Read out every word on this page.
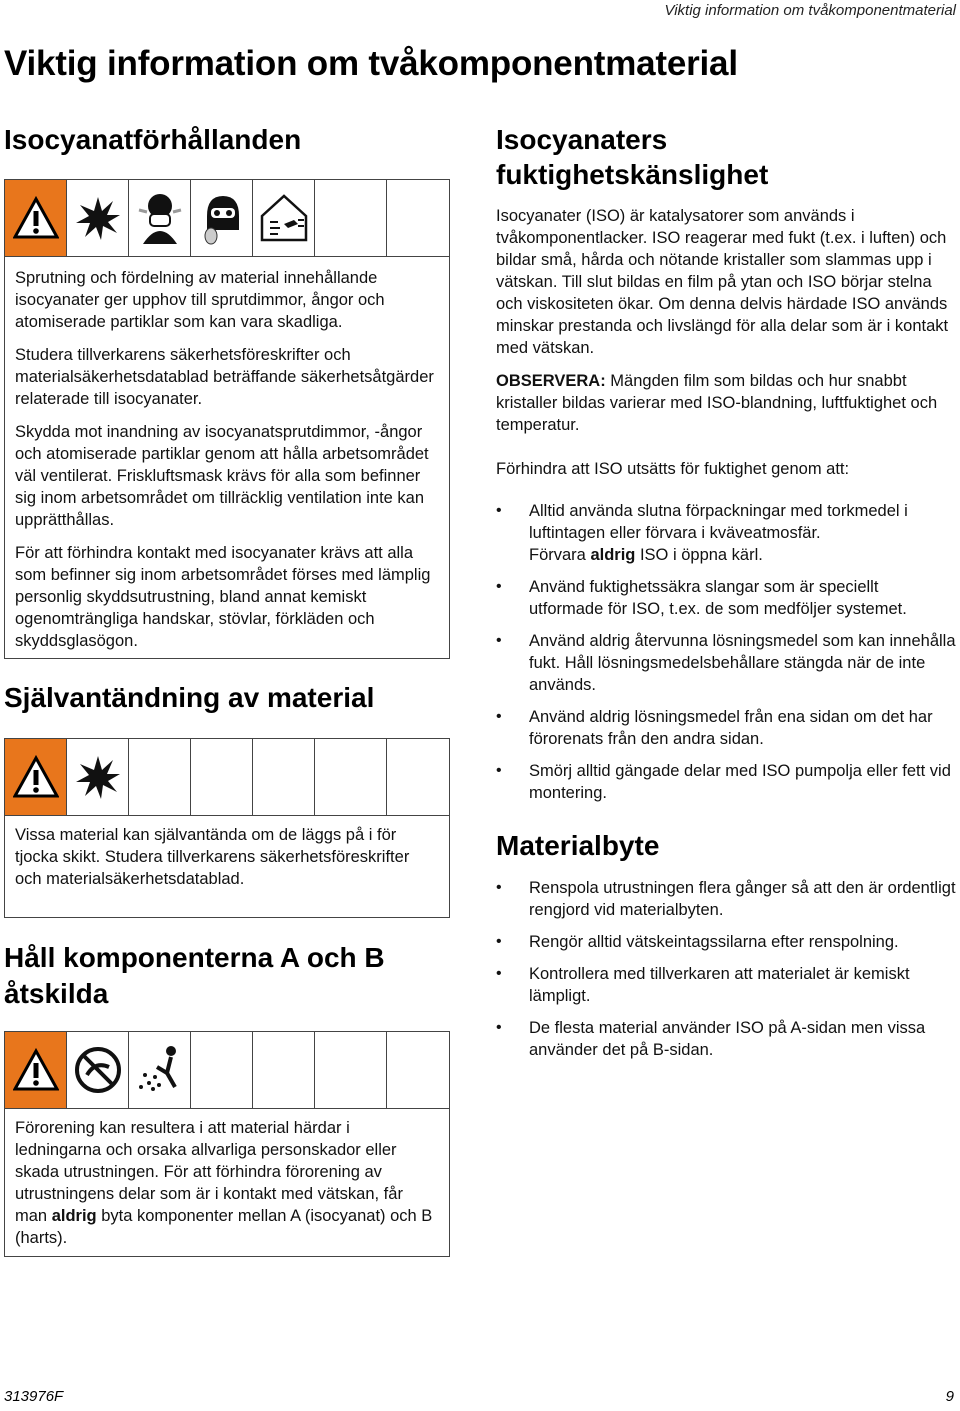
Viktig information om tvåkomponentmaterial
Viktig information om tvåkomponentmaterial
Isocyanatförhållanden

Sprutning och fördelning av material innehållande isocyanater ger upphov till sprutdimmor, ångor och atomiserade partiklar som kan vara skadliga.

Studera tillverkarens säkerhetsföreskrifter och materialsäkerhetsdatablad beträffande säkerhetsåtgärder relaterade till isocyanater.

Skydda mot inandning av isocyanatsprutdimmor, -ångor och atomiserade partiklar genom att hålla arbetsområdet väl ventilerat. Friskluftsmask krävs för alla som befinner sig inom arbetsområdet om tillräcklig ventilation inte kan upprätthållas.

För att förhindra kontakt med isocyanater krävs att alla som befinner sig inom arbetsområdet förses med lämplig personlig skyddsutrustning, bland annat kemiskt ogenomträngliga handskar, stövlar, förkläden och skyddsglasögon.

Självantändning av material

Vissa material kan självantända om de läggs på i för tjocka skikt. Studera tillverkarens säkerhetsföreskrifter och materialsäkerhetsdatablad.

Håll komponenterna A och B åtskilda

Förorening kan resultera i att material härdar i ledningarna och orsaka allvarliga personskador eller skada utrustningen. För att förhindra förorening av utrustningens delar som är i kontakt med vätskan, får man aldrig byta komponenter mellan A (isocyanat) och B (harts).

Isocyanaters fuktighetskänslighet

Isocyanater (ISO) är katalysatorer som används i tvåkomponentlacker. ISO reagerar med fukt (t.ex. i luften) och bildar små, hårda och nötande kristaller som slammas upp i vätskan. Till slut bildas en film på ytan och ISO börjar stelna och viskositeten ökar. Om denna delvis härdade ISO används minskar prestanda och livslängd för alla delar som är i kontakt med vätskan.

OBSERVERA: Mängden film som bildas och hur snabbt kristaller bildas varierar med ISO-blandning, luftfuktighet och temperatur.

Förhindra att ISO utsätts för fuktighet genom att:

• Alltid använda slutna förpackningar med torkmedel i luftintagen eller förvara i kväveatmosfär.
Förvara aldrig ISO i öppna kärl.
• Använd fuktighetssäkra slangar som är speciellt utformade för ISO, t.ex. de som medföljer systemet.
• Använd aldrig återvunna lösningsmedel som kan innehålla fukt. Håll lösningsmedelsbehållare stängda när de inte används.
• Använd aldrig lösningsmedel från ena sidan om det har förorenats från den andra sidan.
• Smörj alltid gängade delar med ISO pumpolja eller fett vid montering.
Materialbyte
• Renspola utrustningen flera gånger så att den är ordentligt rengjord vid materialbyten.
• Rengör alltid vätskeintagssilarna efter renspolning.
• Kontrollera med tillverkaren att materialet är kemiskt lämpligt.
• De flesta material använder ISO på A-sidan men vissa använder det på B-sidan.
313976F	9
